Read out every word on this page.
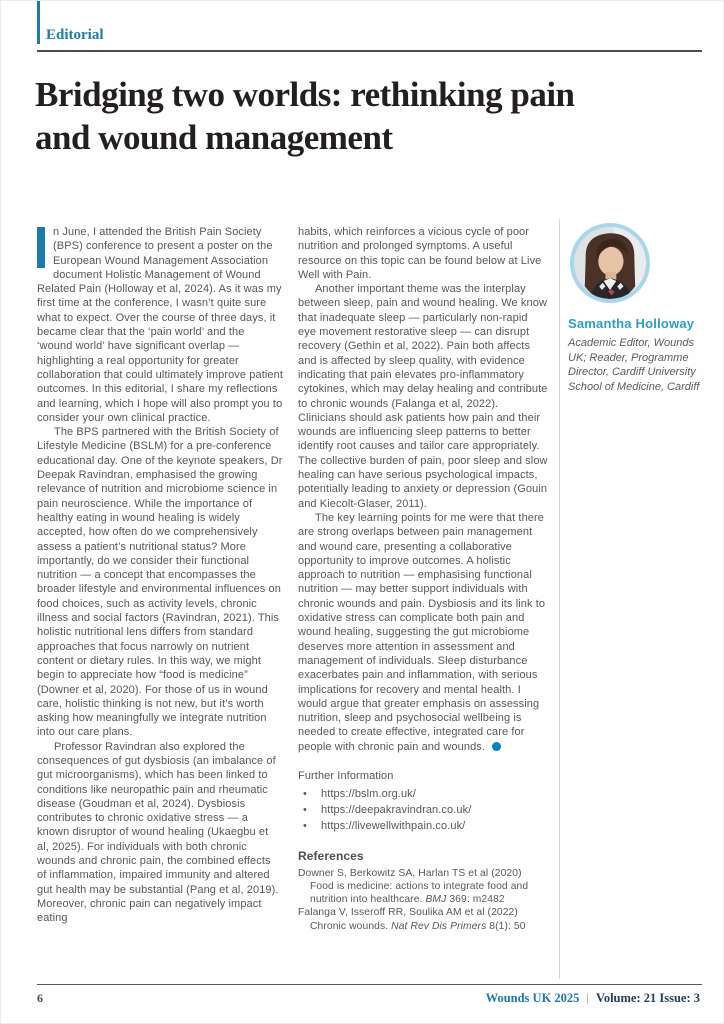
Editorial
Bridging two worlds: rethinking pain and wound management

n June, I attended the British Pain Society (BPS) conference to present a poster on the European Wound Management Association document Holistic Management of Wound Related Pain (Holloway et al, 2024). As it was my first time at the conference, I wasn’t quite sure what to expect. Over the course of three days, it became clear that the ‘pain world’ and the ‘wound world’ have significant overlap — highlighting a real opportunity for greater collaboration that could ultimately improve patient outcomes. In this editorial, I share my reflections and learning, which I hope will also prompt you to consider your own clinical practice.

The BPS partnered with the British Society of Lifestyle Medicine (BSLM) for a pre-conference educational day. One of the keynote speakers, Dr Deepak Ravindran, emphasised the growing relevance of nutrition and microbiome science in pain neuroscience. While the importance of healthy eating in wound healing is widely accepted, how often do we comprehensively assess a patient’s nutritional status? More importantly, do we consider their functional nutrition — a concept that encompasses the broader lifestyle and environmental influences on food choices, such as activity levels, chronic illness and social factors (Ravindran, 2021). This holistic nutritional lens differs from standard approaches that focus narrowly on nutrient content or dietary rules. In this way, we might begin to appreciate how “food is medicine” (Downer et al, 2020). For those of us in wound care, holistic thinking is not new, but it’s worth asking how meaningfully we integrate nutrition into our care plans.

Professor Ravindran also explored the consequences of gut dysbiosis (an imbalance of gut microorganisms), which has been linked to conditions like neuropathic pain and rheumatic disease (Goudman et al, 2024). Dysbiosis contributes to chronic oxidative stress — a known disruptor of wound healing (Ukaegbu et al, 2025). For individuals with both chronic wounds and chronic pain, the combined effects of inflammation, impaired immunity and altered gut health may be substantial (Pang et al, 2019). Moreover, chronic pain can negatively impact eating

habits, which reinforces a vicious cycle of poor nutrition and prolonged symptoms. A useful resource on this topic can be found below at Live Well with Pain.

Another important theme was the interplay between sleep, pain and wound healing. We know that inadequate sleep — particularly non-rapid eye movement restorative sleep — can disrupt recovery (Gethin et al, 2022). Pain both affects and is affected by sleep quality, with evidence indicating that pain elevates pro-inflammatory cytokines, which may delay healing and contribute to chronic wounds (Falanga et al, 2022). Clinicians should ask patients how pain and their wounds are influencing sleep patterns to better identify root causes and tailor care appropriately. The collective burden of pain, poor sleep and slow healing can have serious psychological impacts, potentially leading to anxiety or depression (Gouin and Kiecolt-Glaser, 2011).

The key learning points for me were that there are strong overlaps between pain management and wound care, presenting a collaborative opportunity to improve outcomes. A holistic approach to nutrition — emphasising functional nutrition — may better support individuals with chronic wounds and pain. Dysbiosis and its link to oxidative stress can complicate both pain and wound healing, suggesting the gut microbiome deserves more attention in assessment and management of individuals. Sleep disturbance exacerbates pain and inflammation, with serious implications for recovery and mental health. I would argue that greater emphasis on assessing nutrition, sleep and psychosocial wellbeing is needed to create effective, integrated care for people with chronic pain and wounds.

Further Information
•	https://bslm.org.uk/
•	https://deepakravindran.co.uk/
•	https://livewellwithpain.co.uk/
References
Downer S, Berkowitz SA, Harlan TS et al (2020) Food is medicine: actions to integrate food and nutrition into healthcare. BMJ 369: m2482
Falanga V, Isseroff RR, Soulika AM et al (2022) Chronic wounds. Nat Rev Dis Primers 8(1): 50
Samantha Holloway
Academic Editor, Wounds UK; Reader, Programme Director, Cardiff University School of Medicine, Cardiff
6	Wounds UK 2025 | Volume: 21 Issue: 3
